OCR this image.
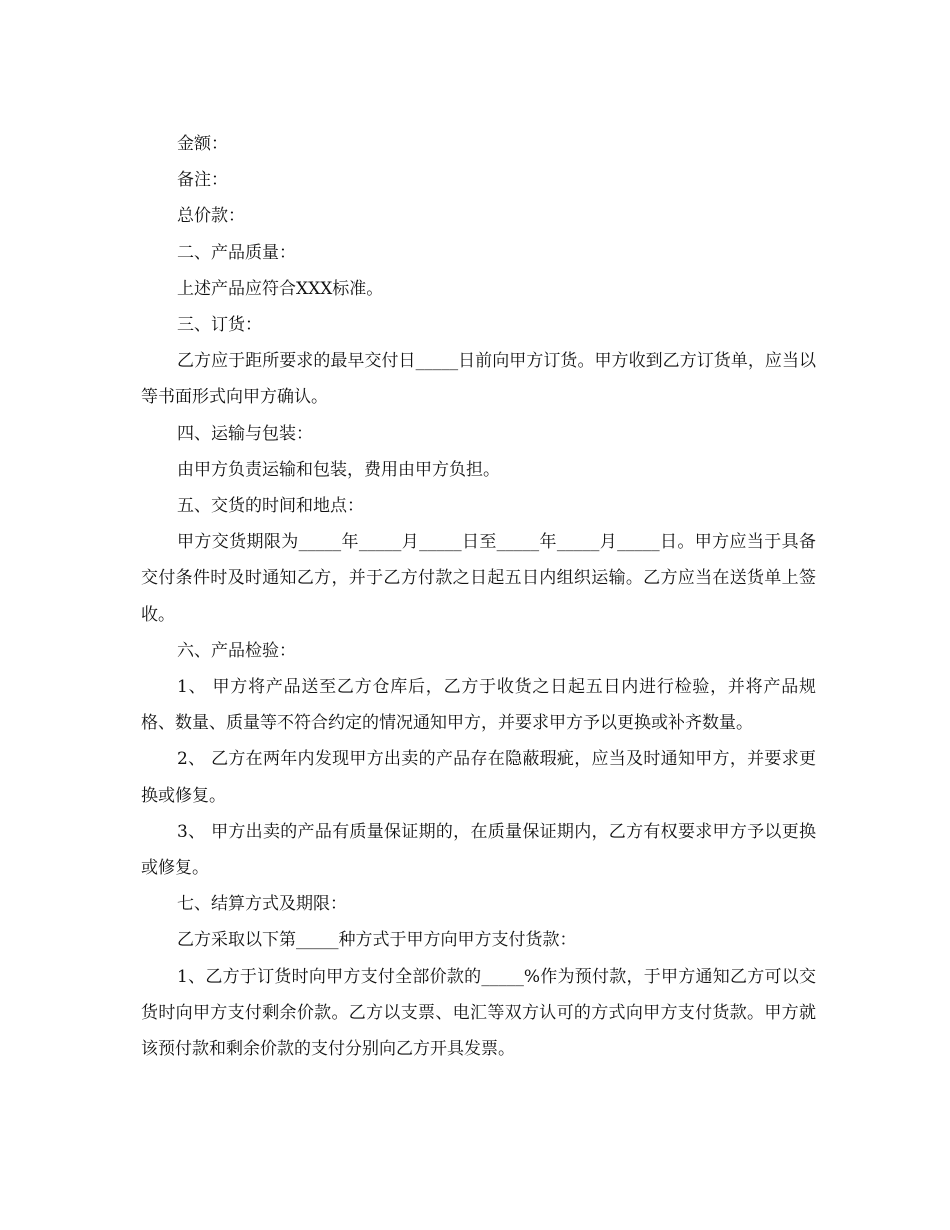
金额：

备注：

总价款：

二、产品质量：

上述产品应符合XXX标准。

三、订货：

乙方应于距所要求的最早交付日_____日前向甲方订货。甲方收到乙方订货单，应当以 等书面形式向甲方确认。

四、运输与包装：

由甲方负责运输和包装，费用由甲方负担。

五、交货的时间和地点：

甲方交货期限为_____年_____月_____日至_____年_____月_____日。甲方应当于具备交付条件时及时通知乙方，并于乙方付款之日起五日内组织运输。乙方应当在送货单上签收。

六、产品检验：

1、 甲方将产品送至乙方仓库后，乙方于收货之日起五日内进行检验，并将产品规格、数量、质量等不符合约定的情况通知甲方，并要求甲方予以更换或补齐数量。

2、 乙方在两年内发现甲方出卖的产品存在隐蔽瑕疵，应当及时通知甲方，并要求更换或修复。

3、 甲方出卖的产品有质量保证期的，在质量保证期内，乙方有权要求甲方予以更换或修复。

七、结算方式及期限：

乙方采取以下第_____种方式于甲方向甲方支付货款：

1、乙方于订货时向甲方支付全部价款的_____%作为预付款，于甲方通知乙方可以交货时向甲方支付剩余价款。乙方以支票、电汇等双方认可的方式向甲方支付货款。甲方就该预付款和剩余价款的支付分别向乙方开具发票。
